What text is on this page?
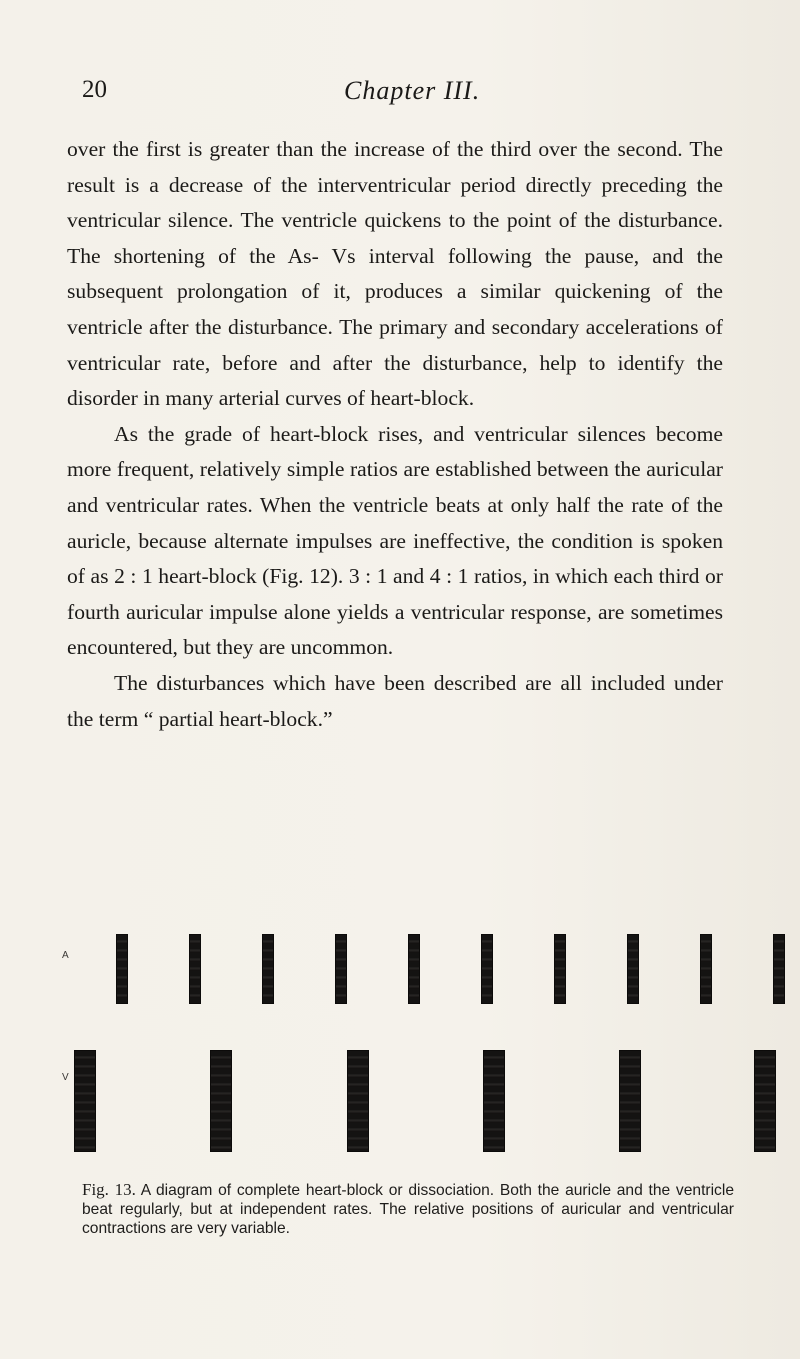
20	Chapter III.

over the first is greater than the increase of the third over the second. The result is a decrease of the interventricular period directly preceding the ventricular silence. The ventricle quickens to the point of the disturbance. The shortening of the As- Vs interval following the pause, and the subsequent prolongation of it, produces a similar quickening of the ventricle after the disturbance. The primary and secondary accelerations of ventricular rate, before and after the disturbance, help to identify the disorder in many arterial curves of heart-block.

As the grade of heart-block rises, and ventricular silences become more frequent, relatively simple ratios are established between the auricular and ventricular rates. When the ventricle beats at only half the rate of the auricle, because alternate impulses are ineffective, the condition is spoken of as 2 : 1 heart-block (Fig. 12). 3 : 1 and 4 : 1 ratios, in which each third or fourth auricular impulse alone yields a ventricular response, are sometimes encountered, but they are uncommon.

The disturbances which have been described are all included under the term “ partial heart-block.”

A
V
Fig. 13. A diagram of complete heart-block or dissociation. Both the auricle and the ventricle beat regularly, but at independent rates. The relative positions of auricular and ventricular contractions are very variable.
